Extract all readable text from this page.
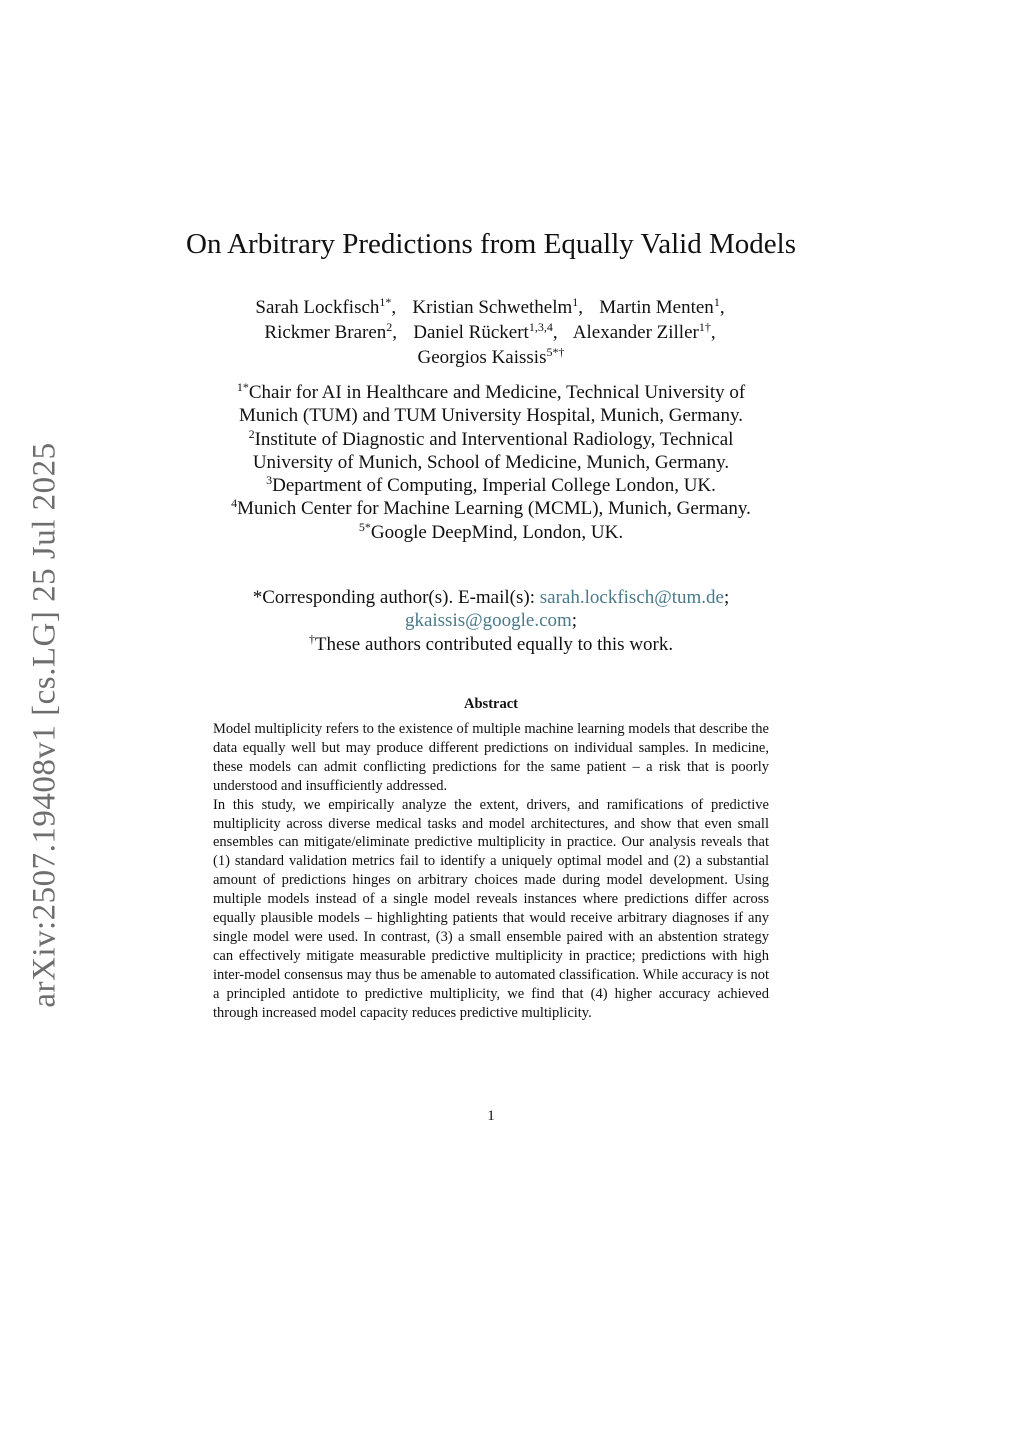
arXiv:2507.19408v1 [cs.LG] 25 Jul 2025
On Arbitrary Predictions from Equally Valid Models
Sarah Lockfisch$^{1*}$,   Kristian Schwethelm$^1$,   Martin Menten$^1$,
Rickmer Braren$^2$,   Daniel Rückert$^{1,3,4}$,   Alexander Ziller$^{1\dagger}$,
Georgios Kaissis$^{5*\dagger}$
$^{1*}$Chair for AI in Healthcare and Medicine, Technical University of
Munich (TUM) and TUM University Hospital, Munich, Germany.
$^2$Institute of Diagnostic and Interventional Radiology, Technical
University of Munich, School of Medicine, Munich, Germany.
$^3$Department of Computing, Imperial College London, UK.
$^4$Munich Center for Machine Learning (MCML), Munich, Germany.
$^{5*}$Google DeepMind, London, UK.
*Corresponding author(s). E-mail(s): sarah.lockfisch@tum.de;
gkaissis@google.com;
†These authors contributed equally to this work.
Abstract

Model multiplicity refers to the existence of multiple machine learning models that describe the data equally well but may produce different predictions on individual samples. In medicine, these models can admit conflicting predictions for the same patient – a risk that is poorly understood and insufficiently addressed.

In this study, we empirically analyze the extent, drivers, and ramifications of predictive multiplicity across diverse medical tasks and model architectures, and show that even small ensembles can mitigate/eliminate predictive multiplicity in practice. Our analysis reveals that (1) standard validation metrics fail to identify a uniquely optimal model and (2) a substantial amount of predictions hinges on arbitrary choices made during model development. Using multiple models instead of a single model reveals instances where predictions differ across equally plausible models – highlighting patients that would receive arbitrary diagnoses if any single model were used. In contrast, (3) a small ensemble paired with an abstention strategy can effectively mitigate measurable predictive multiplicity in practice; predictions with high inter-model consensus may thus be amenable to automated classification. While accuracy is not a principled antidote to predictive multiplicity, we find that (4) higher accuracy achieved through increased model capacity reduces predictive multiplicity.

1
